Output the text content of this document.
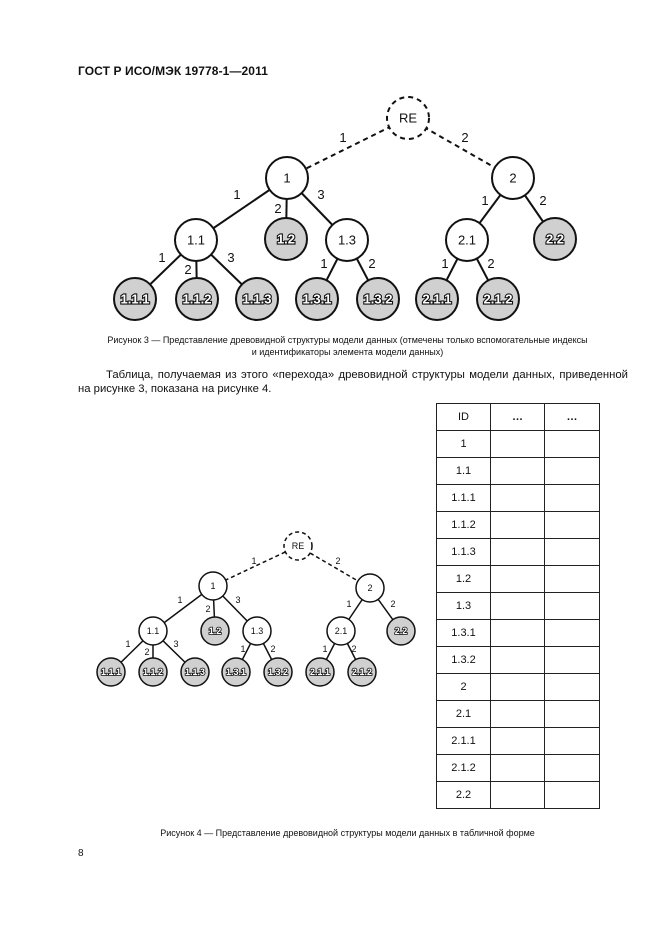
ГОСТ Р ИСО/МЭК 19778-1—2011
1	2
1
2
3	1	2
1
2
3	1	2	1	2
RE
1	2
1.1	1.2	1.3	2.1	2.2
1.1.1	1.1.2 1.1.3 1.3.1 1.3.2 2.1.1 2.1.2
Рисунок 3 — Представление древовидной структуры модели данных (отмечены только вспомогательные индексы
и идентификаторы элемента модели данных)
Таблица, получаемая из этого «перехода» древовидной структуры модели данных, приведенной на рисунке 3, показана на рисунке 4.
1	2
1
2
3	1	2
1
2
3	1	2	1	2
RE
1	2
1.1	1.2	1.3	2.1	2.2
1.1.1 1.1.2 1.1.3 1.3.1 1.3.2 2.1.1 2.1.2
ID	…	…
1		
1.1		
1.1.1		
1.1.2		
1.1.3		
1.2		
1.3		
1.3.1		
1.3.2		
2		
2.1		
2.1.1		
2.1.2		
2.2		
Рисунок 4 — Представление древовидной структуры модели данных в табличной форме
8
